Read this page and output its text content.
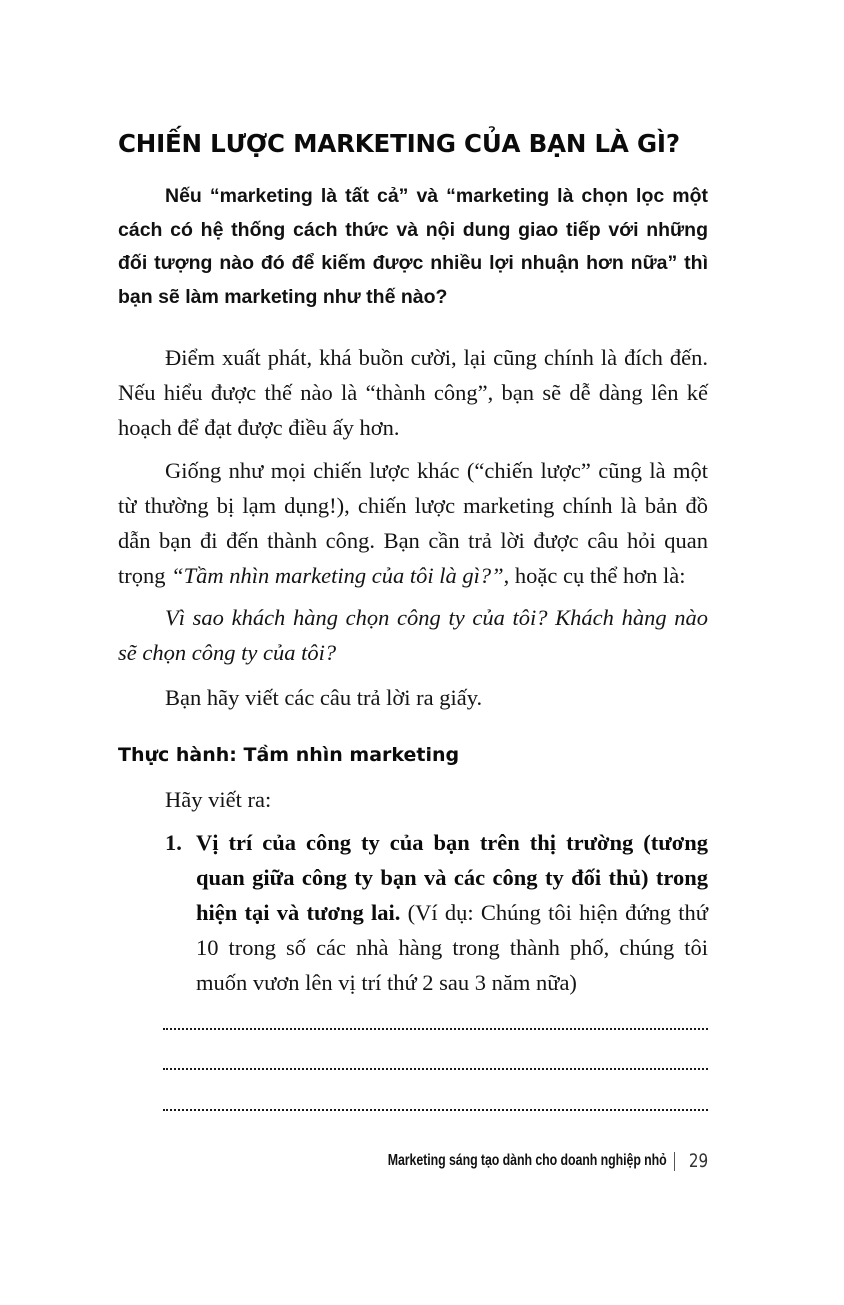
CHIẾN LƯỢC MARKETING CỦA BẠN LÀ GÌ?

Nếu “marketing là tất cả” và “marketing là chọn lọc một cách có hệ thống cách thức và nội dung giao tiếp với những đối tượng nào đó để kiếm được nhiều lợi nhuận hơn nữa” thì bạn sẽ làm marketing như thế nào?

Điểm xuất phát, khá buồn cười, lại cũng chính là đích đến. Nếu hiểu được thế nào là “thành công”, bạn sẽ dễ dàng lên kế hoạch để đạt được điều ấy hơn.

Giống như mọi chiến lược khác (“chiến lược” cũng là một từ thường bị lạm dụng!), chiến lược marketing chính là bản đồ dẫn bạn đi đến thành công. Bạn cần trả lời được câu hỏi quan trọng “Tầm nhìn marketing của tôi là gì?”, hoặc cụ thể hơn là:

Vì sao khách hàng chọn công ty của tôi? Khách hàng nào sẽ chọn công ty của tôi?

Bạn hãy viết các câu trả lời ra giấy.

Thực hành: Tầm nhìn marketing

Hãy viết ra:

1. Vị trí của công ty của bạn trên thị trường (tương quan giữa công ty bạn và các công ty đối thủ) trong hiện tại và tương lai. (Ví dụ: Chúng tôi hiện đứng thứ 10 trong số các nhà hàng trong thành phố, chúng tôi muốn vươn lên vị trí thứ 2 sau 3 năm nữa)

Marketing sáng tạo dành cho doanh nghiệp nhỏ 29
